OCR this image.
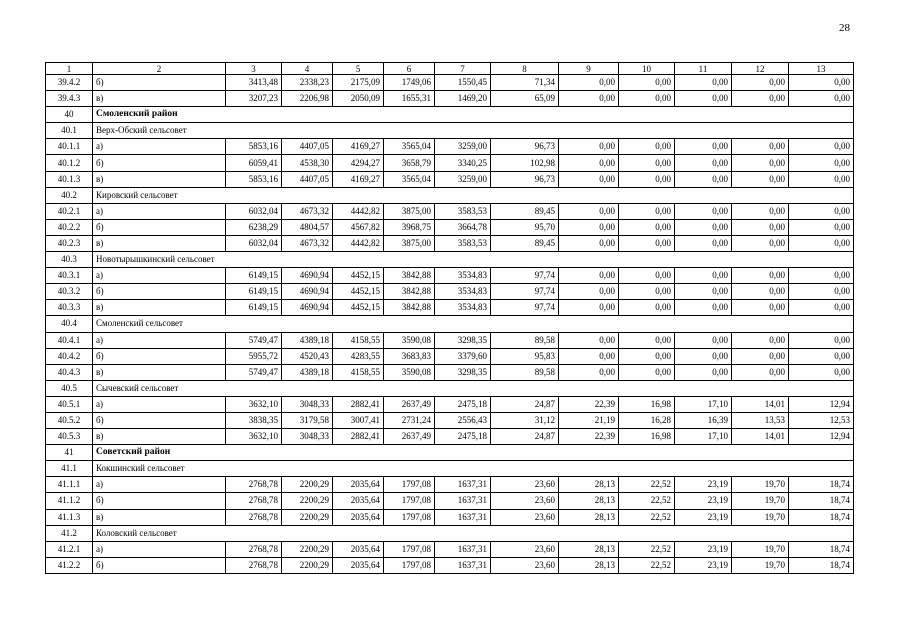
28
1	2	3	4	5	6	7	8	9	10	11	12	13
39.4.2	б)	3413,48	2338,23	2175,09	1749,06	1550,45	71,34	0,00	0,00	0,00	0,00	0,00
39.4.3	в)	3207,23	2206,98	2050,09	1655,31	1469,20	65,09	0,00	0,00	0,00	0,00	0,00
40	Смоленский район											
40.1	Верх-Обский сельсовет											
40.1.1	а)	5853,16	4407,05	4169,27	3565,04	3259,00	96,73	0,00	0,00	0,00	0,00	0,00
40.1.2	б)	6059,41	4538,30	4294,27	3658,79	3340,25	102,98	0,00	0,00	0,00	0,00	0,00
40.1.3	в)	5853,16	4407,05	4169,27	3565,04	3259,00	96,73	0,00	0,00	0,00	0,00	0,00
40.2	Кировский сельсовет											
40.2.1	а)	6032,04	4673,32	4442,82	3875,00	3583,53	89,45	0,00	0,00	0,00	0,00	0,00
40.2.2	б)	6238,29	4804,57	4567,82	3968,75	3664,78	95,70	0,00	0,00	0,00	0,00	0,00
40.2.3	в)	6032,04	4673,32	4442,82	3875,00	3583,53	89,45	0,00	0,00	0,00	0,00	0,00
40.3	Новотырышкинский сельсовет											
40.3.1	а)	6149,15	4690,94	4452,15	3842,88	3534,83	97,74	0,00	0,00	0,00	0,00	0,00
40.3.2	б)	6149,15	4690,94	4452,15	3842,88	3534,83	97,74	0,00	0,00	0,00	0,00	0,00
40.3.3	в)	6149,15	4690,94	4452,15	3842,88	3534,83	97,74	0,00	0,00	0,00	0,00	0,00
40.4	Смоленский сельсовет											
40.4.1	а)	5749,47	4389,18	4158,55	3590,08	3298,35	89,58	0,00	0,00	0,00	0,00	0,00
40.4.2	б)	5955,72	4520,43	4283,55	3683,83	3379,60	95,83	0,00	0,00	0,00	0,00	0,00
40.4.3	в)	5749,47	4389,18	4158,55	3590,08	3298,35	89,58	0,00	0,00	0,00	0,00	0,00
40.5	Сычевский сельсовет											
40.5.1	а)	3632,10	3048,33	2882,41	2637,49	2475,18	24,87	22,39	16,98	17,10	14,01	12,94
40.5.2	б)	3838,35	3179,58	3007,41	2731,24	2556,43	31,12	21,19	16,28	16,39	13,53	12,53
40.5.3	в)	3632,10	3048,33	2882,41	2637,49	2475,18	24,87	22,39	16,98	17,10	14,01	12,94
41	Советский район											
41.1	Кокшинский сельсовет											
41.1.1	а)	2768,78	2200,29	2035,64	1797,08	1637,31	23,60	28,13	22,52	23,19	19,70	18,74
41.1.2	б)	2768,78	2200,29	2035,64	1797,08	1637,31	23,60	28,13	22,52	23,19	19,70	18,74
41.1.3	в)	2768,78	2200,29	2035,64	1797,08	1637,31	23,60	28,13	22,52	23,19	19,70	18,74
41.2	Коловский сельсовет											
41.2.1	а)	2768,78	2200,29	2035,64	1797,08	1637,31	23,60	28,13	22,52	23,19	19,70	18,74
41.2.2	б)	2768,78	2200,29	2035,64	1797,08	1637,31	23,60	28,13	22,52	23,19	19,70	18,74
